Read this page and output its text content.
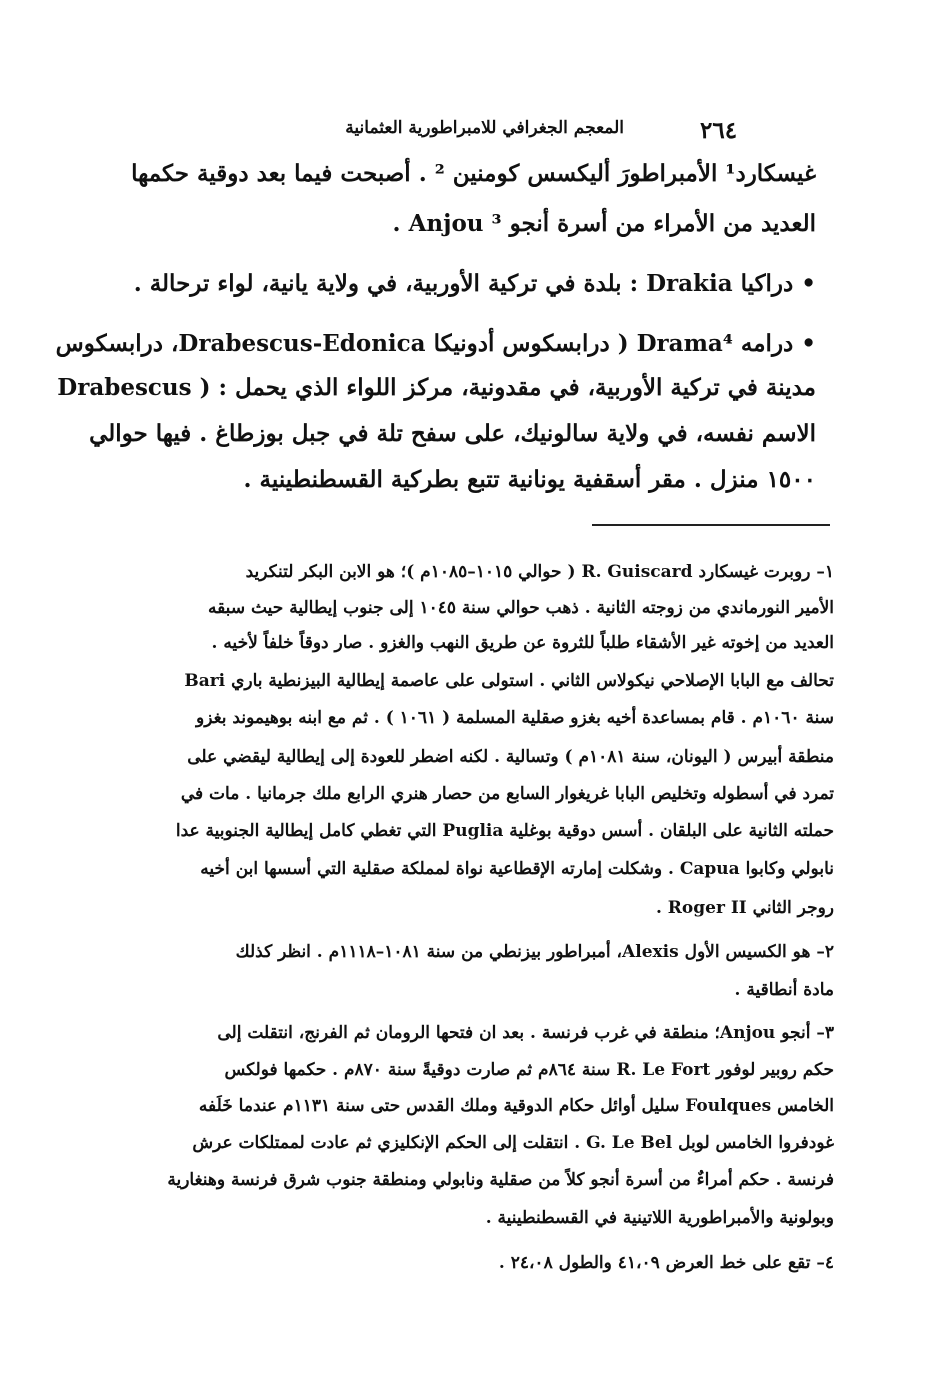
٢٦٤
المعجم الجغرافي للامبراطورية العثمانية
غيسكارد¹ الأمبراطورَ أليكسس كومنين ² . أصبحت فيما بعد دوقية حكمها
العديد من الأمراء من أسرة أنجو Anjou ³ .
• دراكيا Drakia : بلدة في تركية الأوربية، في ولاية يانية، لواء ترحالة .
• درامه Drama⁴ ( درابسكوس أدونيكا Drabescus-Edonica، درابسكوس
Drabescus ) : مدينة في تركية الأوربية، في مقدونية، مركز اللواء الذي يحمل
الاسم نفسه، في ولاية سالونيك، على سفح تلة في جبل بوزطاغ . فيها حوالي
١٥٠٠ منزل . مقر أسقفية يونانية تتبع بطركية القسطنطينية .
١– روبرت غيسكارد R. Guiscard ( حوالي ١٠١٥–١٠٨٥م )؛ هو الابن البكر لتنكريد
الأمير النورماندي من زوجته الثانية . ذهب حوالي سنة ١٠٤٥ إلى جنوب إيطالية حيث سبقه
العديد من إخوته غير الأشقاء طلباً للثروة عن طريق النهب والغزو . صار دوقاً خلفاً لأخيه .
تحالف مع البابا الإصلاحي نيكولاس الثاني . استولى على عاصمة إيطالية البيزنطية باري Bari
سنة ١٠٦٠م . قام بمساعدة أخيه بغزو صقلية المسلمة ( ١٠٦١ ) . ثم مع ابنه بوهيموند بغزو
منطقة أبيرس ( اليونان، سنة ١٠٨١م ) وتسالية . لكنه اضطر للعودة إلى إيطالية ليقضي على
تمرد في أسطوله وتخليص البابا غريغوار السابع من حصار هنري الرابع ملك جرمانيا . مات في
حملته الثانية على البلقان . أسس دوقية بوغلية Puglia التي تغطي كامل إيطالية الجنوبية عدا
نابولي وكابوا Capua . وشكلت إمارته الإقطاعية نواة لمملكة صقلية التي أسسها ابن أخيه
روجر الثاني Roger II .
٢– هو الكسيس الأول Alexis، أمبراطور بيزنطي من سنة ١٠٨١–١١١٨م . انظر كذلك
مادة أنطاقية .
٣– أنجو Anjou؛ منطقة في غرب فرنسة . بعد ان فتحها الرومان ثم الفرنج، انتقلت إلى
حكم روبير لوفور R. Le Fort سنة ٨٦٤م ثم صارت دوقيةً سنة ٨٧٠م . حكمها فولكس
الخامس Foulques سليل أوائل حكام الدوقية وملك القدس حتى سنة ١١٣١م عندما خَلَفه
غودفروا الخامس لوبل G. Le Bel . انتقلت إلى الحكم الإنكليزي ثم عادت لممتلكات عرش
فرنسة . حكم أمراءٌ من أسرة أنجو كلاً من صقلية ونابولي ومنطقة جنوب شرق فرنسة وهنغارية
وبولونية والأمبراطورية اللاتينية في القسطنطينية .
٤– تقع على خط العرض ٤١،٠٩ والطول ٢٤،٠٨ .
